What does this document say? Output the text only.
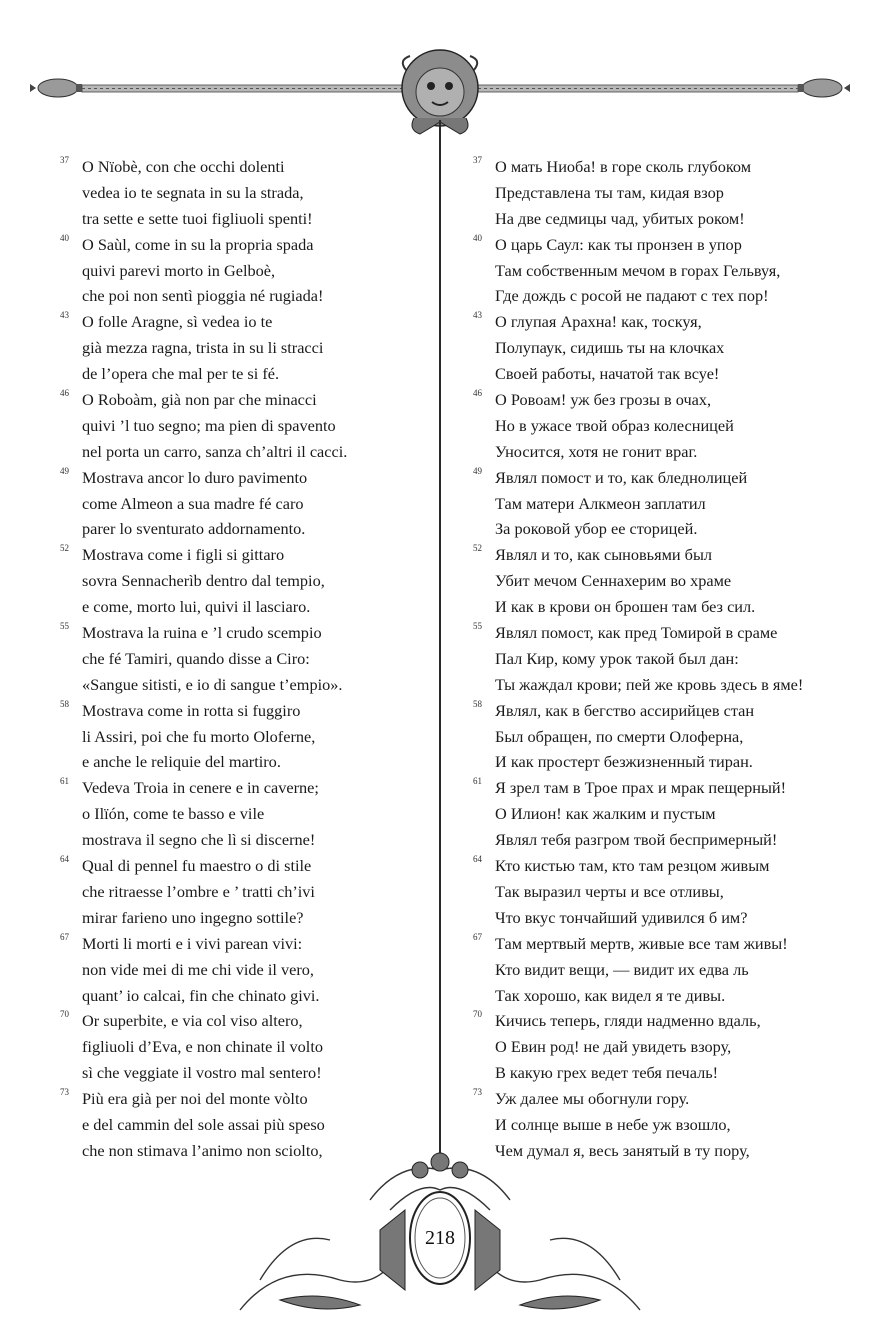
37 O Nïobè, con che occhi dolenti
vedea io te segnata in su la strada,
tra sette e sette tuoi figliuoli spenti!
40 O Saùl, come in su la propria spada
quivi parevi morto in Gelboè,
che poi non sentì pioggia né rugiada!
43 O folle Aragne, sì vedea io te
già mezza ragna, trista in su li stracci
de l’opera che mal per te si fé.
46 O Roboàm, già non par che minacci
quivi ’l tuo segno; ma pien di spavento
nel porta un carro, sanza ch’altri il cacci.
49 Mostrava ancor lo duro pavimento
come Almeon a sua madre fé caro
parer lo sventurato addornamento.
52 Mostrava come i figli si gittaro
sovra Sennacherìb dentro dal tempio,
e come, morto lui, quivi il lasciaro.
55 Mostrava la ruina e ’l crudo scempio
che fé Tamiri, quando disse a Ciro:
«Sangue sitisti, e io di sangue t’empio».
58 Mostrava come in rotta si fuggiro
li Assiri, poi che fu morto Oloferne,
e anche le reliquie del martiro.
61 Vedeva Troia in cenere e in caverne;
o Ilïón, come te basso e vile
mostrava il segno che lì si discerne!
64 Qual di pennel fu maestro o di stile
che ritraesse l’ombre e ’ tratti ch’ivi
mirar farieno uno ingegno sottile?
67 Morti li morti e i vivi parean vivi:
non vide mei di me chi vide il vero,
quant’ io calcai, fin che chinato givi.
70 Or superbite, e via col viso altero,
figliuoli d’Eva, e non chinate il volto
sì che veggiate il vostro mal sentero!
73 Più era già per noi del monte vòlto
e del cammin del sole assai più speso
che non stimava l’animo non sciolto,
37 О мать Ниоба! в горе сколь глубоком
Представлена ты там, кидая взор
На две седмицы чад, убитых роком!
40 О царь Саул: как ты пронзен в упор
Там собственным мечом в горах Гельвуя,
Где дождь с росой не падают с тех пор!
43 О глупая Арахна! как, тоскуя,
Полупаук, сидишь ты на клочках
Своей работы, начатой так всуе!
46 О Ровоам! уж без грозы в очах,
Но в ужасе твой образ колесницей
Уносится, хотя не гонит враг.
49 Являл помост и то, как бледнолицей
Там матери Алкмеон заплатил
За роковой убор ее сторицей.
52 Являл и то, как сыновьями был
Убит мечом Сеннахерим во храме
И как в крови он брошен там без сил.
55 Являл помост, как пред Томирой в сраме
Пал Кир, кому урок такой был дан:
Ты жаждал крови; пей же кровь здесь в яме!
58 Являл, как в бегство ассирийцев стан
Был обращен, по смерти Олоферна,
И как простерт безжизненный тиран.
61 Я зрел там в Трое прах и мрак пещерный!
О Илион! как жалким и пустым
Являл тебя разгром твой беспримерный!
64 Кто кистью там, кто там резцом живым
Так выразил черты и все отливы,
Что вкус тончайший удивился б им?
67 Там мертвый мертв, живые все там живы!
Кто видит вещи, — видит их едва ль
Так хорошо, как видел я те дивы.
70 Кичись теперь, гляди надменно вдаль,
О Евин род! не дай увидеть взору,
В какую грех ведет тебя печаль!
73 Уж далее мы обогнули гору.
И солнце выше в небе уж взошло,
Чем думал я, весь занятый в ту пору,
218
